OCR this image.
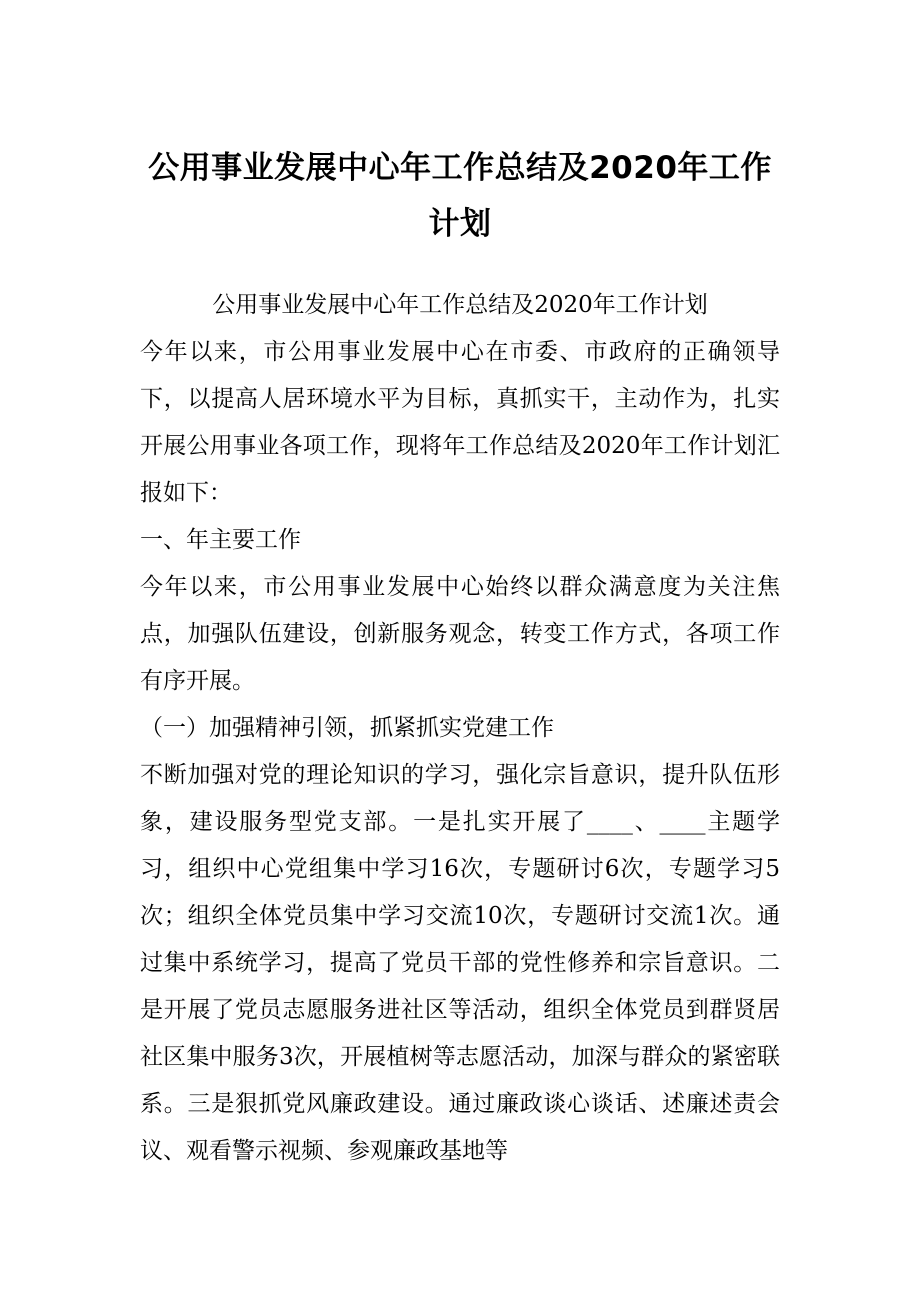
公用事业发展中心年工作总结及2020年工作计划

公用事业发展中心年工作总结及2020年工作计划

今年以来，市公用事业发展中心在市委、市政府的正确领导下，以提高人居环境水平为目标，真抓实干，主动作为，扎实开展公用事业各项工作，现将年工作总结及2020年工作计划汇报如下：

一、年主要工作

今年以来，市公用事业发展中心始终以群众满意度为关注焦点，加强队伍建设，创新服务观念，转变工作方式，各项工作有序开展。

（一）加强精神引领，抓紧抓实党建工作

不断加强对党的理论知识的学习，强化宗旨意识，提升队伍形象，建设服务型党支部。一是扎实开展了____、____主题学习，组织中心党组集中学习16次，专题研讨6次，专题学习5次；组织全体党员集中学习交流10次，专题研讨交流1次。通过集中系统学习，提高了党员干部的党性修养和宗旨意识。二是开展了党员志愿服务进社区等活动，组织全体党员到群贤居社区集中服务3次，开展植树等志愿活动，加深与群众的紧密联系。三是狠抓党风廉政建设。通过廉政谈心谈话、述廉述责会议、观看警示视频、参观廉政基地等
